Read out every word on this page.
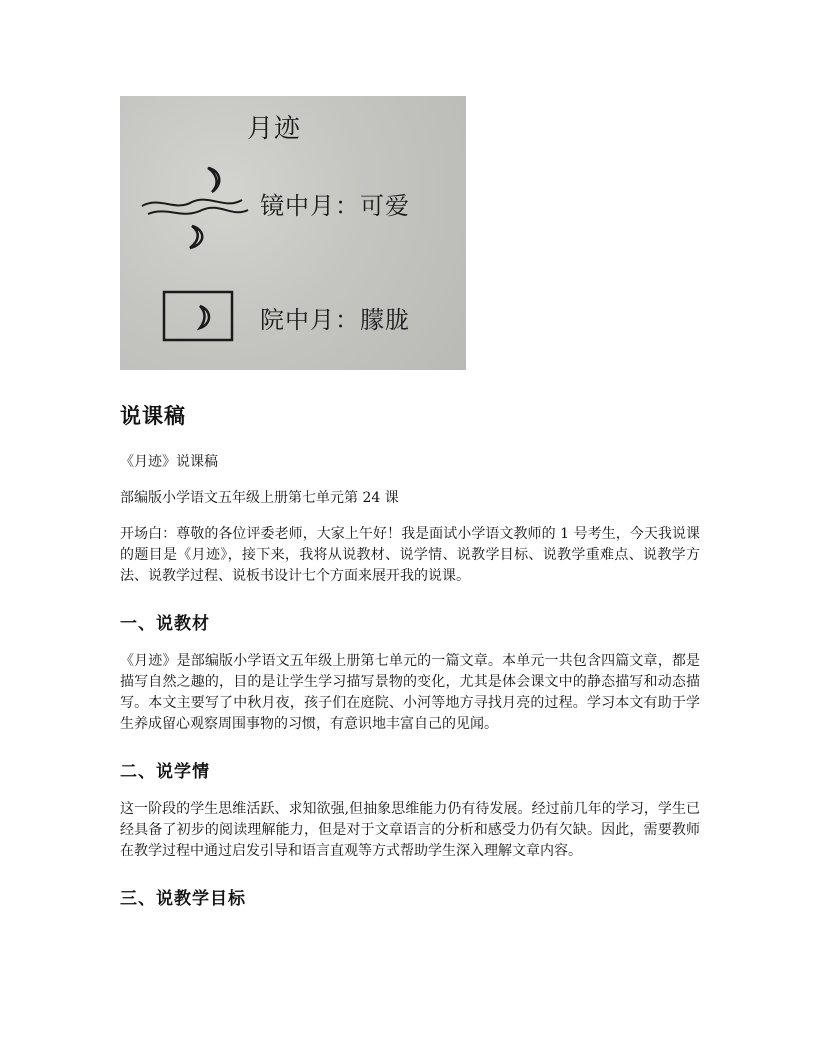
月迹
镜中月：可爱
院中月：朦胧
说课稿

《月迹》说课稿

部编版小学语文五年级上册第七单元第 24 课

开场白：尊敬的各位评委老师，大家上午好！我是面试小学语文教师的 1 号考生，今天我说课的题目是《月迹》，接下来，我将从说教材、说学情、说教学目标、说教学重难点、说教学方法、说教学过程、说板书设计七个方面来展开我的说课。

一、说教材

《月迹》是部编版小学语文五年级上册第七单元的一篇文章。本单元一共包含四篇文章，都是描写自然之趣的，目的是让学生学习描写景物的变化，尤其是体会课文中的静态描写和动态描写。本文主要写了中秋月夜，孩子们在庭院、小河等地方寻找月亮的过程。学习本文有助于学生养成留心观察周围事物的习惯，有意识地丰富自己的见闻。

二、说学情

这一阶段的学生思维活跃、求知欲强,但抽象思维能力仍有待发展。经过前几年的学习，学生已经具备了初步的阅读理解能力，但是对于文章语言的分析和感受力仍有欠缺。因此，需要教师在教学过程中通过启发引导和语言直观等方式帮助学生深入理解文章内容。

三、说教学目标
